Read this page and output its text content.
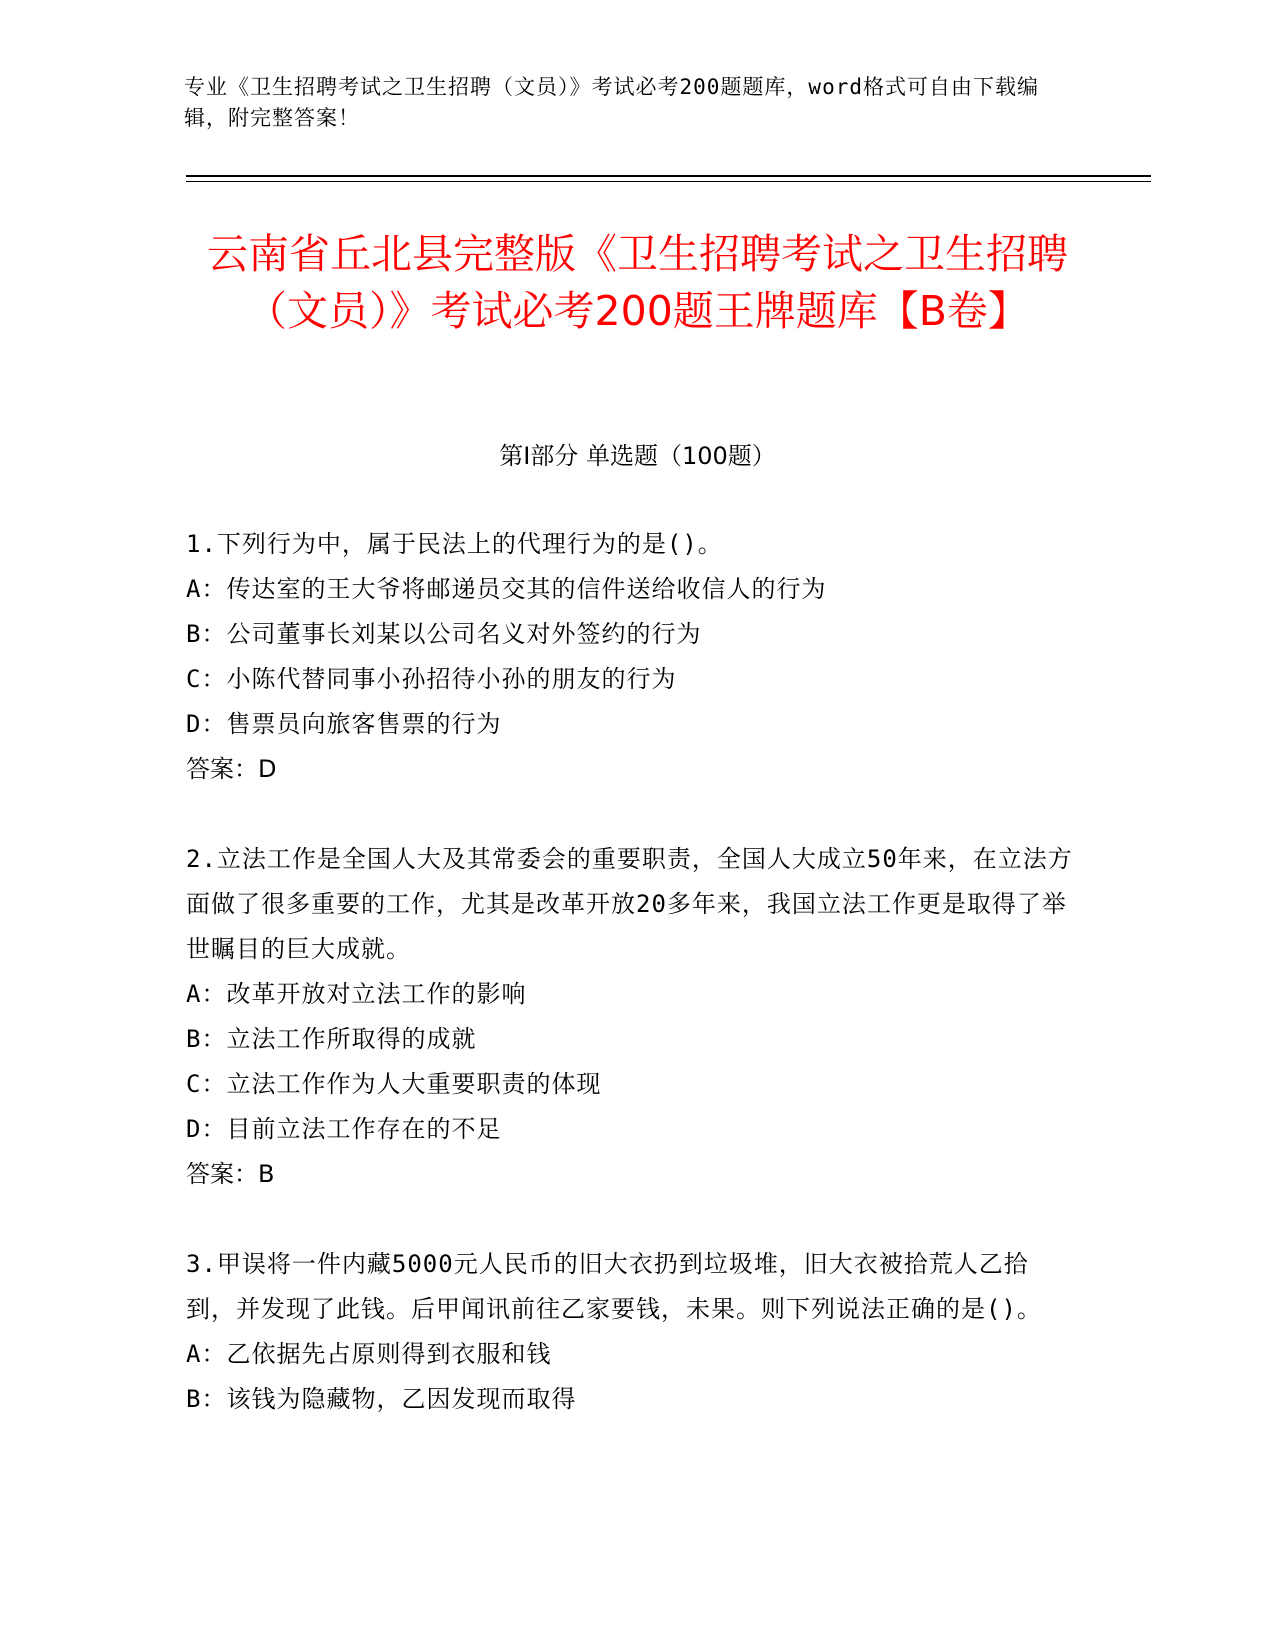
专业《卫生招聘考试之卫生招聘（文员）》考试必考200题题库，word格式可自由下载编辑，附完整答案！
云南省丘北县完整版《卫生招聘考试之卫生招聘（文员）》考试必考200题王牌题库【B卷】
第I部分 单选题（100题）

1.下列行为中，属于民法上的代理行为的是()。

A：传达室的王大爷将邮递员交其的信件送给收信人的行为

B：公司董事长刘某以公司名义对外签约的行为

C：小陈代替同事小孙招待小孙的朋友的行为

D：售票员向旅客售票的行为

答案：D

2.立法工作是全国人大及其常委会的重要职责，全国人大成立50年来，在立法方面做了很多重要的工作，尤其是改革开放20多年来，我国立法工作更是取得了举世瞩目的巨大成就。

A：改革开放对立法工作的影响

B：立法工作所取得的成就

C：立法工作作为人大重要职责的体现

D：目前立法工作存在的不足

答案：B

3.甲误将一件内藏5000元人民币的旧大衣扔到垃圾堆，旧大衣被拾荒人乙拾到，并发现了此钱。后甲闻讯前往乙家要钱，未果。则下列说法正确的是()。

A：乙依据先占原则得到衣服和钱

B：该钱为隐藏物，乙因发现而取得
